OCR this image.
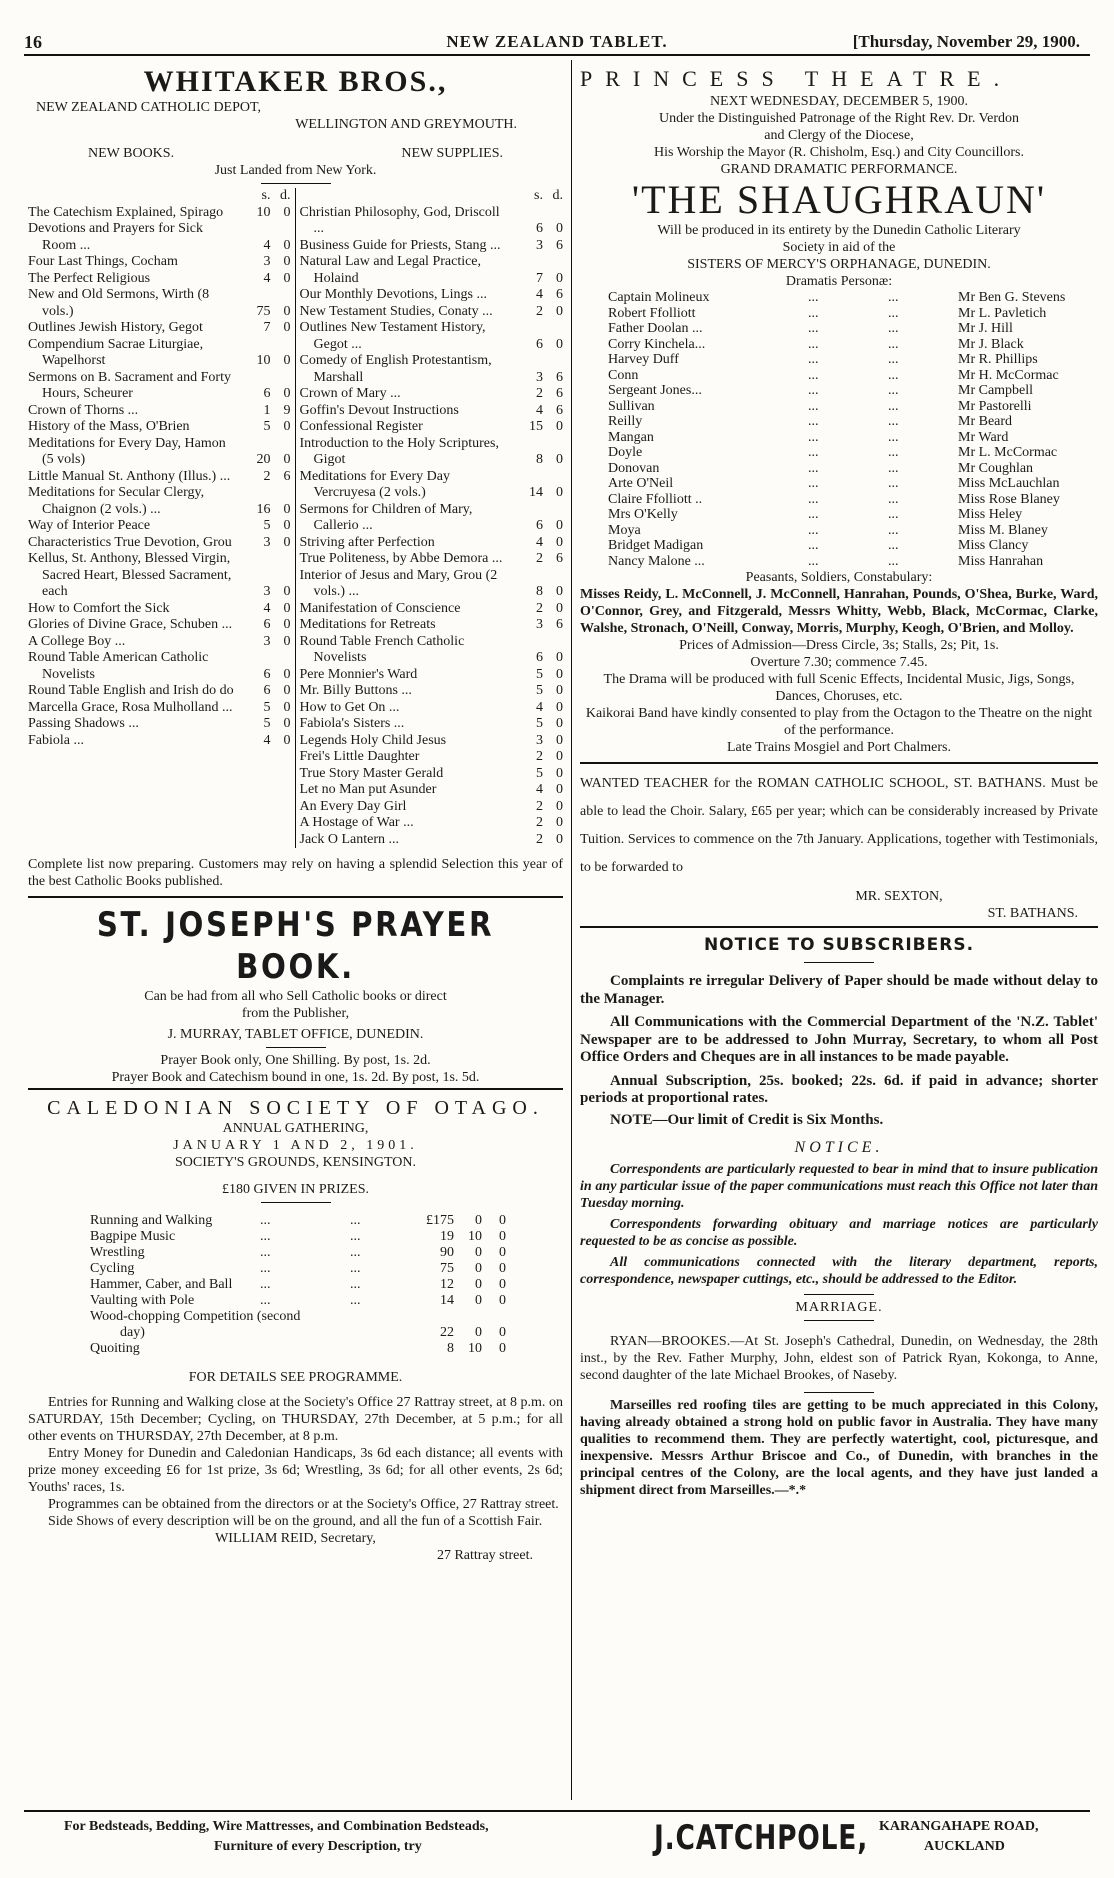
16	NEW ZEALAND TABLET.	[Thursday, November 29, 1900.
WHITAKER BROS.,
NEW ZEALAND CATHOLIC DEPOT,
WELLINGTON AND GREYMOUTH.
NEW BOOKS.	NEW SUPPLIES.
Just Landed from New York.
s. d.
The Catechism Explained, Spirago	10 0
Devotions and Prayers for Sick Room ...	4 0
Four Last Things, Cocham	3 0
The Perfect Religious	4 0
New and Old Sermons, Wirth (8 vols.)	75 0
Outlines Jewish History, Gegot	7 0
Compendium Sacrae Liturgiae, Wapelhorst	10 0
Sermons on B. Sacrament and Forty Hours, Scheurer	6 0
Crown of Thorns ...	1 9
History of the Mass, O'Brien	5 0
Meditations for Every Day, Hamon (5 vols)	20 0
Little Manual St. Anthony (Illus.) ...	2 6
Meditations for Secular Clergy, Chaignon (2 vols.) ...	16 0
Way of Interior Peace	5 0
Characteristics True Devotion, Grou	3 0
Kellus, St. Anthony, Blessed Virgin, Sacred Heart, Blessed Sacrament, each	3 0
How to Comfort the Sick	4 0
Glories of Divine Grace, Schuben ...	6 0
A College Boy ...	3 0
Round Table American Catholic Novelists	6 0
Round Table English and Irish do do	6 0
Marcella Grace, Rosa Mulholland ...	5 0
Passing Shadows ...	5 0
Fabiola ...	4 0
s. d.
Christian Philosophy, God, Driscoll ...	6 0
Business Guide for Priests, Stang ...	3 6
Natural Law and Legal Practice, Holaind	7 0
Our Monthly Devotions, Lings ...	4 6
New Testament Studies, Conaty ...	2 0
Outlines New Testament History, Gegot ...	6 0
Comedy of English Protestantism, Marshall	3 6
Crown of Mary ...	2 6
Goffin's Devout Instructions	4 6
Confessional Register	15 0
Introduction to the Holy Scriptures, Gigot	8 0
Meditations for Every Day Vercruyesa (2 vols.)	14 0
Sermons for Children of Mary, Callerio ...	6 0
Striving after Perfection	4 0
True Politeness, by Abbe Demora ...	2 6
Interior of Jesus and Mary, Grou (2 vols.) ...	8 0
Manifestation of Conscience	2 0
Meditations for Retreats	3 6
Round Table French Catholic Novelists	6 0
Pere Monnier's Ward	5 0
Mr. Billy Buttons ...	5 0
How to Get On ...	4 0
Fabiola's Sisters ...	5 0
Legends Holy Child Jesus	3 0
Frei's Little Daughter	2 0
True Story Master Gerald	5 0
Let no Man put Asunder	4 0
An Every Day Girl	2 0
A Hostage of War ...	2 0
Jack O Lantern ...	2 0
Complete list now preparing. Customers may rely on having a splendid Selection this year of the best Catholic Books published.
ST. JOSEPH'S PRAYER BOOK.
Can be had from all who Sell Catholic books or direct
from the Publisher,
J. MURRAY, TABLET OFFICE, DUNEDIN.
Prayer Book only, One Shilling. By post, 1s. 2d.
Prayer Book and Catechism bound in one, 1s. 2d. By post, 1s. 5d.
CALEDONIAN SOCIETY OF OTAGO.
ANNUAL GATHERING,
JANUARY 1 AND 2, 1901.
SOCIETY'S GROUNDS, KENSINGTON.
£180 GIVEN IN PRIZES.
Running and Walking	...	...	£175	0	0
Bagpipe Music	...	...	19	10	0
Wrestling	...	...	90	0	0
Cycling	...	...	75	0	0
Hammer, Caber, and Ball	...	...	12	0	0
Vaulting with Pole	...	...	14	0	0
Wood-chopping Competition (second
day)	22	0	0
Quoiting	8	10	0
FOR DETAILS SEE PROGRAMME.
Entries for Running and Walking close at the Society's Office 27 Rattray street, at 8 p.m. on SATURDAY, 15th December; Cycling, on THURSDAY, 27th December, at 5 p.m.; for all other events on THURSDAY, 27th December, at 8 p.m.
Entry Money for Dunedin and Caledonian Handicaps, 3s 6d each distance; all events with prize money exceeding £6 for 1st prize, 3s 6d; Wrestling, 3s 6d; for all other events, 2s 6d; Youths' races, 1s.
Programmes can be obtained from the directors or at the Society's Office, 27 Rattray street.
Side Shows of every description will be on the ground, and all the fun of a Scottish Fair.
WILLIAM REID, Secretary,
27 Rattray street.
PRINCESS THEATRE.
NEXT WEDNESDAY, DECEMBER 5, 1900.
Under the Distinguished Patronage of the Right Rev. Dr. Verdon
and Clergy of the Diocese,
His Worship the Mayor (R. Chisholm, Esq.) and City Councillors.
GRAND DRAMATIC PERFORMANCE.
'THE SHAUGHRAUN'
Will be produced in its entirety by the Dunedin Catholic Literary
Society in aid of the
SISTERS OF MERCY'S ORPHANAGE, DUNEDIN.
Dramatis Personæ:
Captain Molineux	...	...	Mr Ben G. Stevens
Robert Ffolliott	...	...	Mr L. Pavletich
Father Doolan ...	...	...	Mr J. Hill
Corry Kinchela...	...	...	Mr J. Black
Harvey Duff	...	...	Mr R. Phillips
Conn	...	...	Mr H. McCormac
Sergeant Jones...	...	...	Mr Campbell
Sullivan	...	...	Mr Pastorelli
Reilly	...	...	Mr Beard
Mangan	...	...	Mr Ward
Doyle	...	...	Mr L. McCormac
Donovan	...	...	Mr Coughlan
Arte O'Neil	...	...	Miss McLauchlan
Claire Ffolliott ..	...	...	Miss Rose Blaney
Mrs O'Kelly	...	...	Miss Heley
Moya	...	...	Miss M. Blaney
Bridget Madigan	...	...	Miss Clancy
Nancy Malone ...	...	...	Miss Hanrahan
Peasants, Soldiers, Constabulary:
Misses Reidy, L. McConnell, J. McConnell, Hanrahan, Pounds, O'Shea, Burke, Ward, O'Connor, Grey, and Fitzgerald, Messrs Whitty, Webb, Black, McCormac, Clarke, Walshe, Stronach, O'Neill, Conway, Morris, Murphy, Keogh, O'Brien, and Molloy.
Prices of Admission—Dress Circle, 3s; Stalls, 2s; Pit, 1s.
Overture 7.30; commence 7.45.
The Drama will be produced with full Scenic Effects, Incidental Music, Jigs, Songs, Dances, Choruses, etc.
Kaikorai Band have kindly consented to play from the Octagon to the Theatre on the night of the performance.
Late Trains Mosgiel and Port Chalmers.
WANTED TEACHER for the ROMAN CATHOLIC SCHOOL, ST. BATHANS. Must be able to lead the Choir. Salary, £65 per year; which can be considerably increased by Private Tuition. Services to commence on the 7th January. Applications, together with Testimonials, to be forwarded to
MR. SEXTON,
ST. BATHANS.
NOTICE TO SUBSCRIBERS.
Complaints re irregular Delivery of Paper should be made without delay to the Manager.
All Communications with the Commercial Department of the 'N.Z. Tablet' Newspaper are to be addressed to John Murray, Secretary, to whom all Post Office Orders and Cheques are in all instances to be made payable.
Annual Subscription, 25s. booked; 22s. 6d. if paid in advance; shorter periods at proportional rates.
NOTE—Our limit of Credit is Six Months.
NOTICE.
Correspondents are particularly requested to bear in mind that to insure publication in any particular issue of the paper communications must reach this Office not later than Tuesday morning.
Correspondents forwarding obituary and marriage notices are particularly requested to be as concise as possible.
All communications connected with the literary department, reports, correspondence, newspaper cuttings, etc., should be addressed to the Editor.
MARRIAGE.
RYAN—BROOKES.—At St. Joseph's Cathedral, Dunedin, on Wednesday, the 28th inst., by the Rev. Father Murphy, John, eldest son of Patrick Ryan, Kokonga, to Anne, second daughter of the late Michael Brookes, of Naseby.
Marseilles red roofing tiles are getting to be much appreciated in this Colony, having already obtained a strong hold on public favor in Australia. They have many qualities to recommend them. They are perfectly watertight, cool, picturesque, and inexpensive. Messrs Arthur Briscoe and Co., of Dunedin, with branches in the principal centres of the Colony, are the local agents, and they have just landed a shipment direct from Marseilles.—*.*
For Bedsteads, Bedding, Wire Mattresses, and Combination Bedsteads,
Furniture of every Description, try	J.CATCHPOLE, KARANGAHAPE ROAD,
AUCKLAND
